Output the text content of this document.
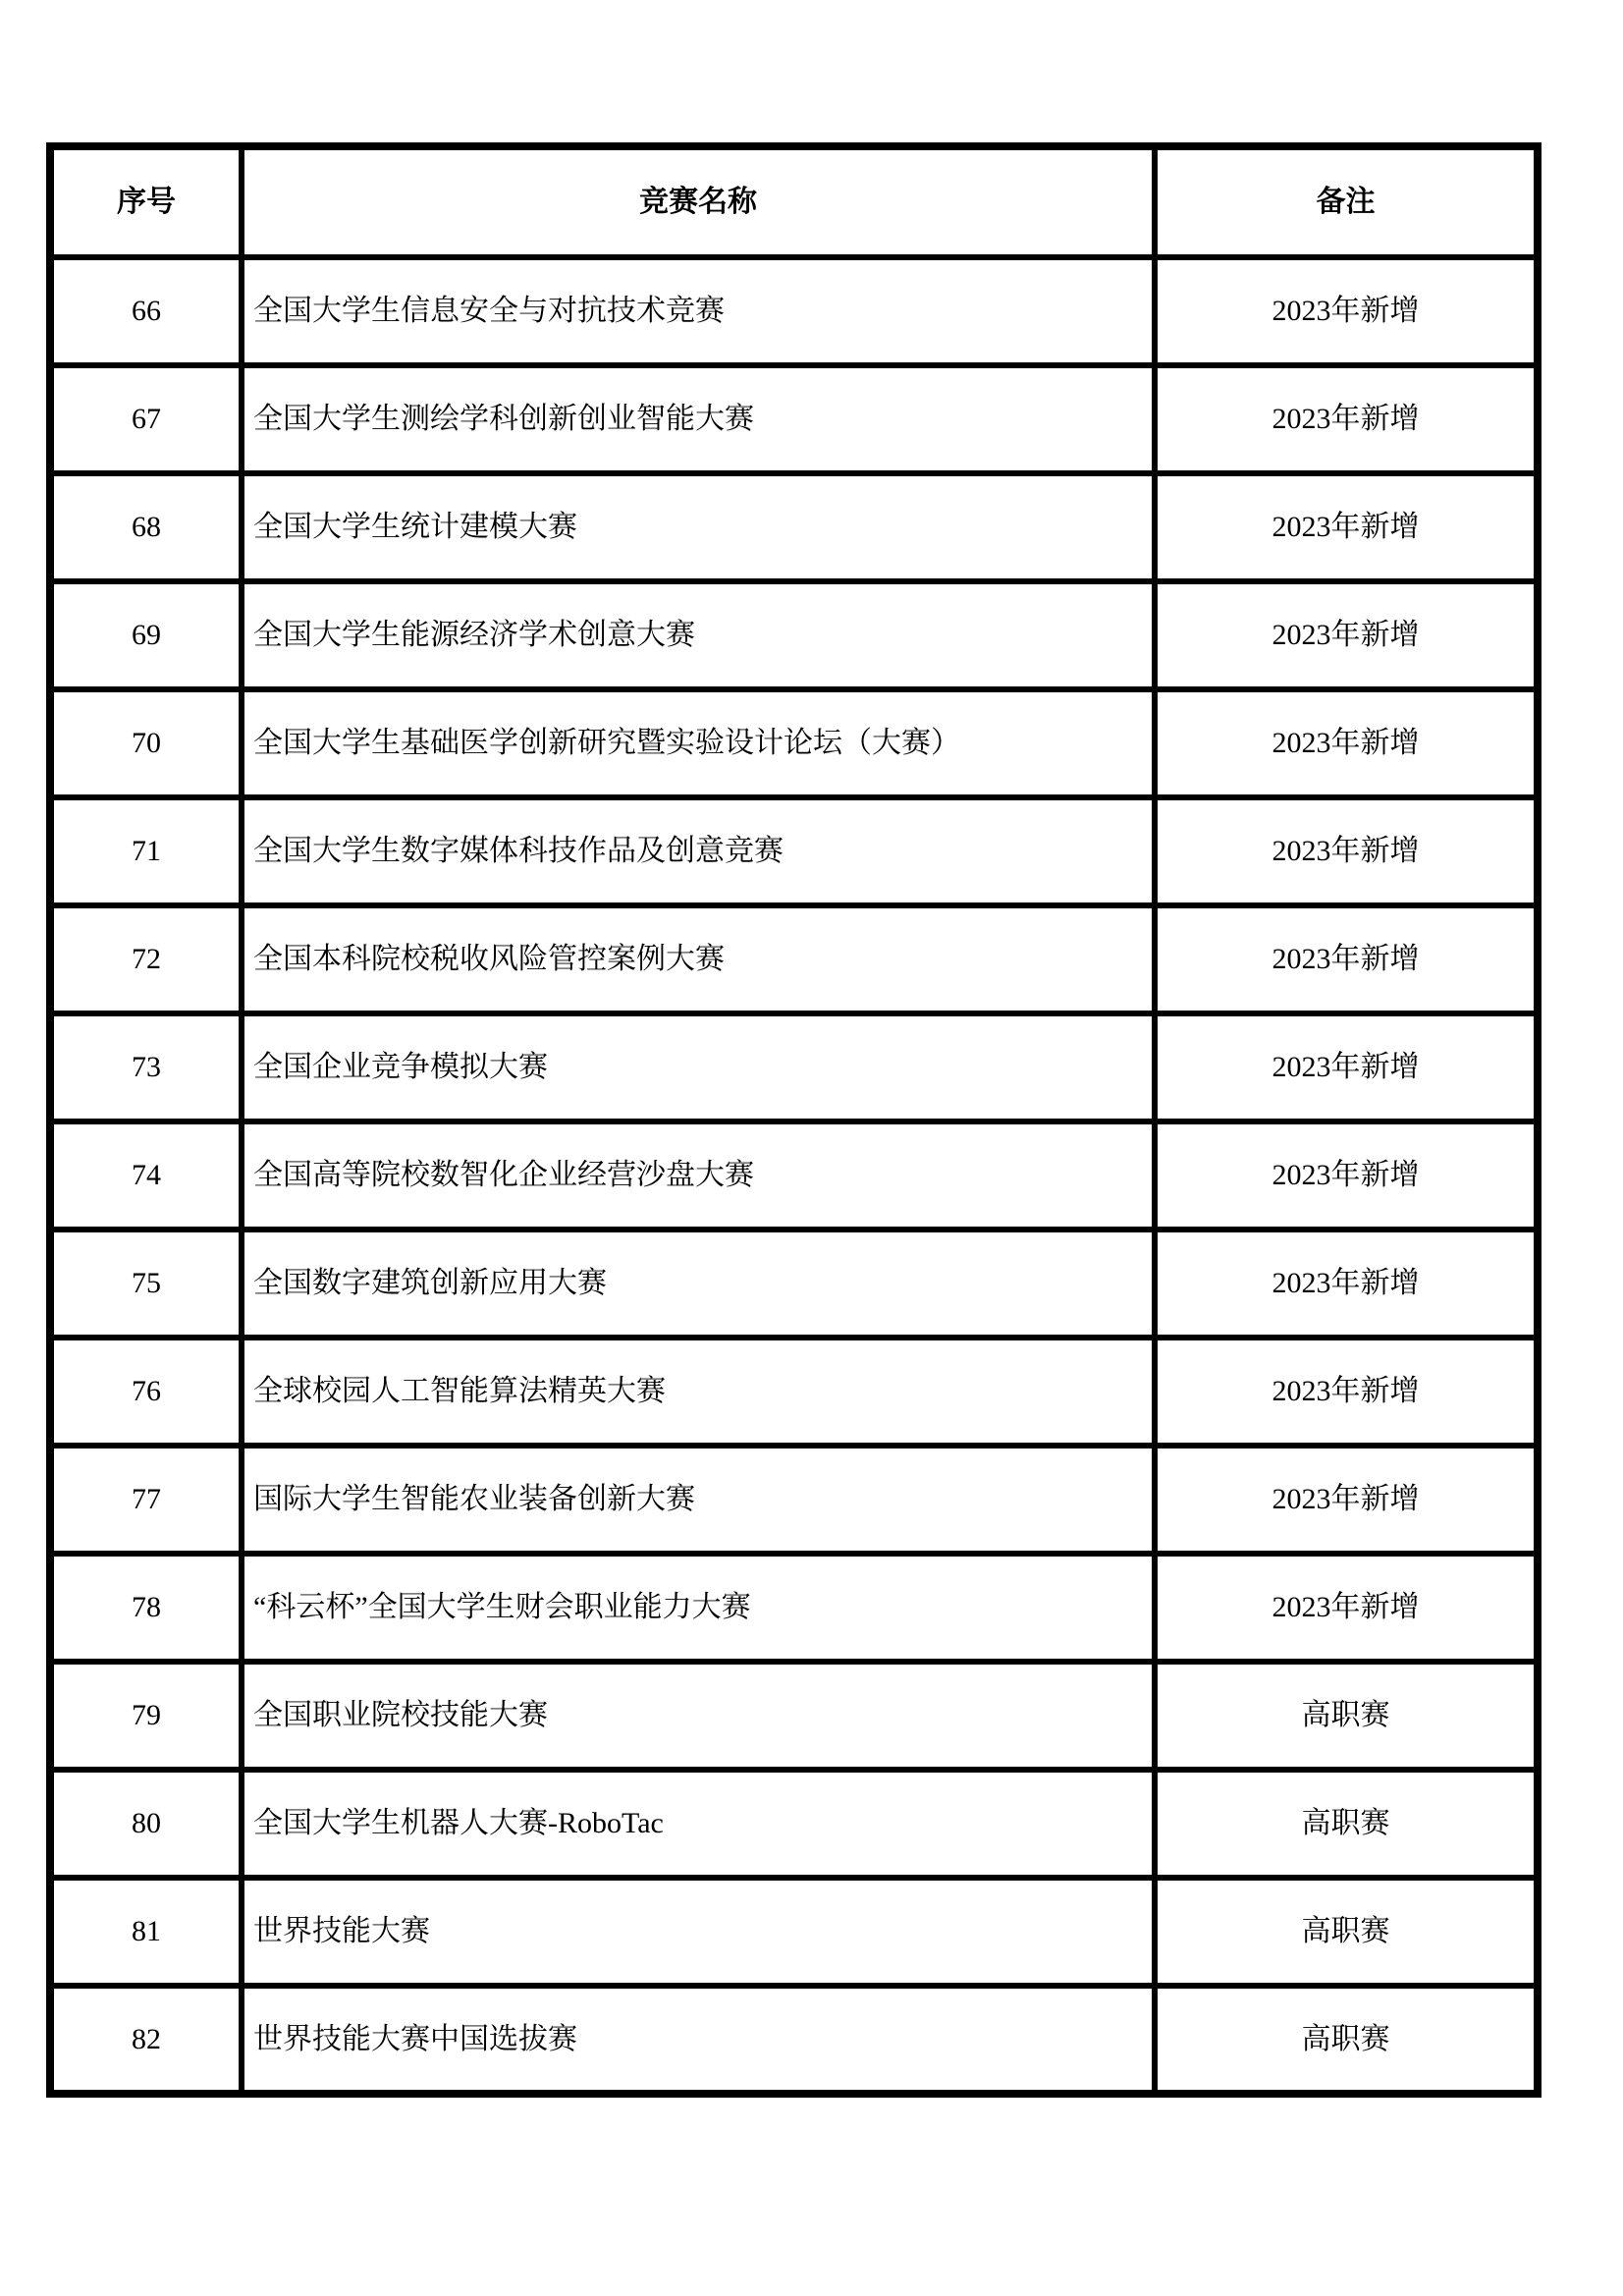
序号	竞赛名称	备注
66	全国大学生信息安全与对抗技术竞赛	2023年新增
67	全国大学生测绘学科创新创业智能大赛	2023年新增
68	全国大学生统计建模大赛	2023年新增
69	全国大学生能源经济学术创意大赛	2023年新增
70	全国大学生基础医学创新研究暨实验设计论坛（大赛）	2023年新增
71	全国大学生数字媒体科技作品及创意竞赛	2023年新增
72	全国本科院校税收风险管控案例大赛	2023年新增
73	全国企业竞争模拟大赛	2023年新增
74	全国高等院校数智化企业经营沙盘大赛	2023年新增
75	全国数字建筑创新应用大赛	2023年新增
76	全球校园人工智能算法精英大赛	2023年新增
77	国际大学生智能农业装备创新大赛	2023年新增
78	“科云杯”全国大学生财会职业能力大赛	2023年新增
79	全国职业院校技能大赛	高职赛
80	全国大学生机器人大赛-RoboTac	高职赛
81	世界技能大赛	高职赛
82	世界技能大赛中国选拔赛	高职赛
